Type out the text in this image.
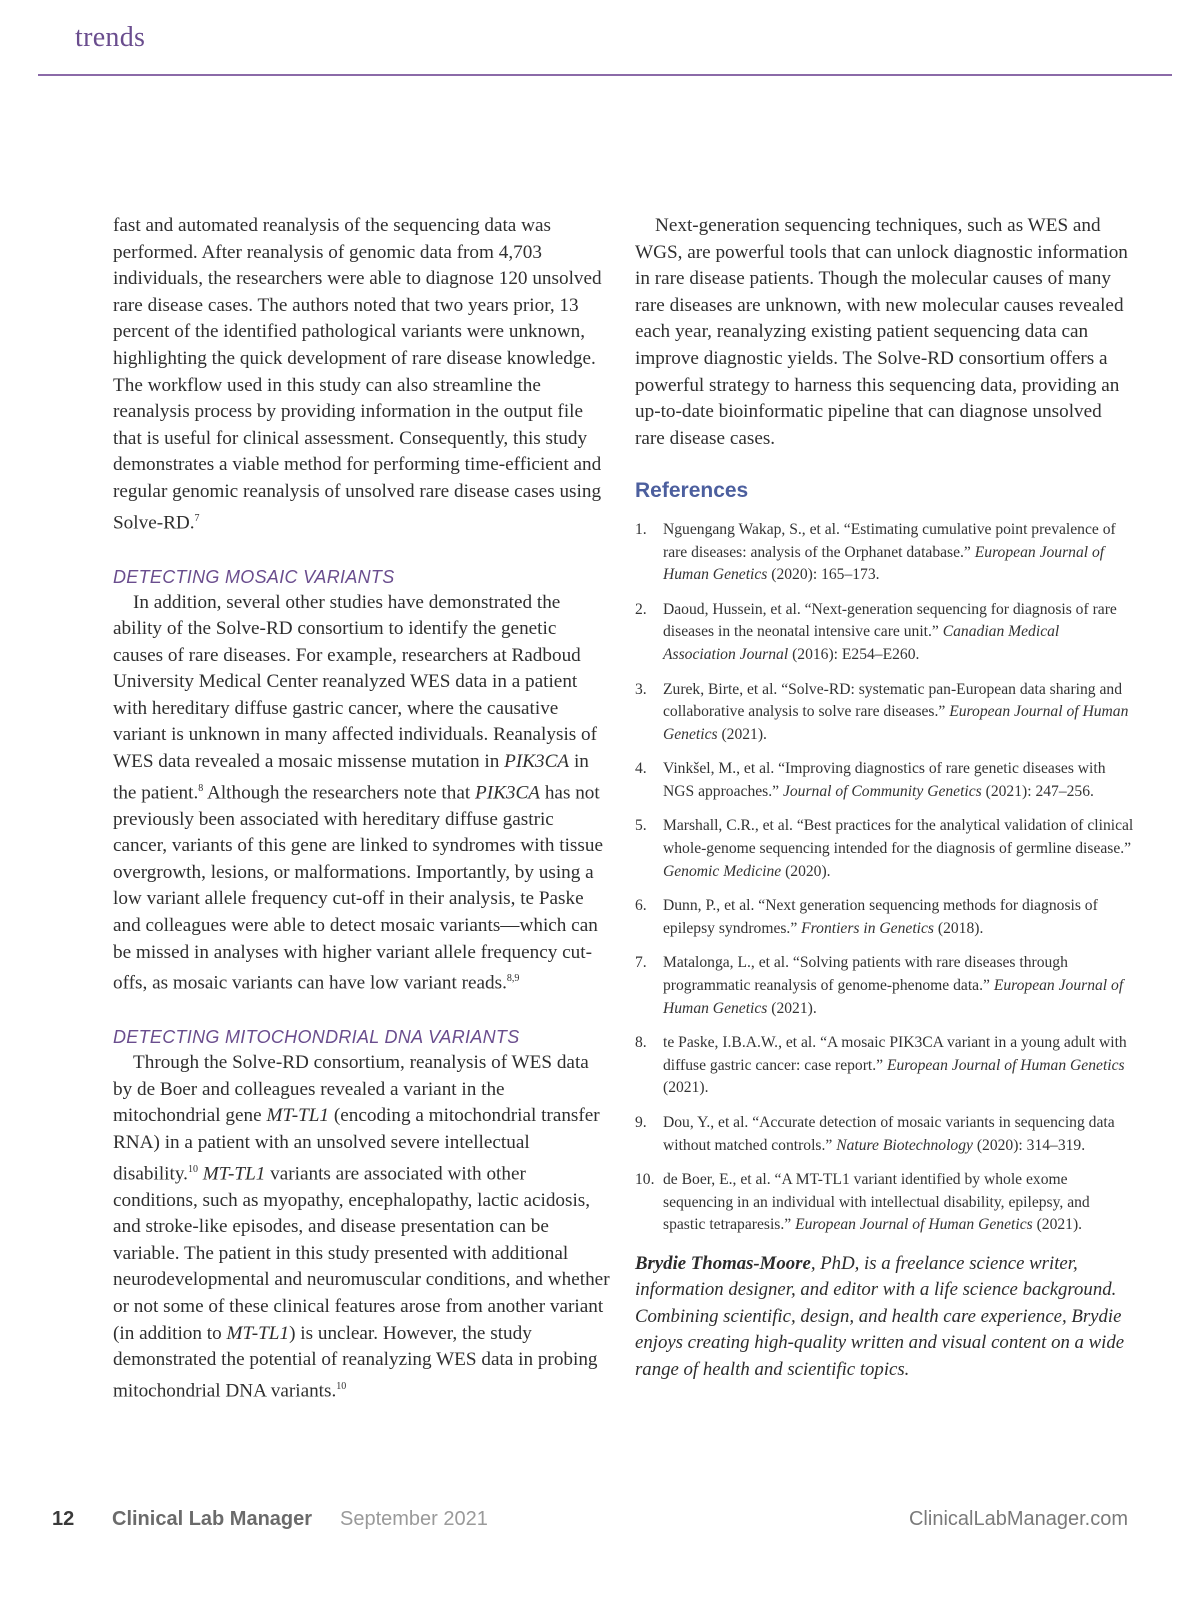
trends

fast and automated reanalysis of the sequencing data was performed. After reanalysis of genomic data from 4,703 individuals, the researchers were able to diagnose 120 unsolved rare disease cases. The authors noted that two years prior, 13 percent of the identified pathological variants were unknown, highlighting the quick development of rare disease knowledge. The workflow used in this study can also streamline the reanalysis process by providing information in the output file that is useful for clinical assessment. Consequently, this study demonstrates a viable method for performing time-efficient and regular genomic reanalysis of unsolved rare disease cases using Solve-RD.$^7$

DETECTING MOSAIC VARIANTS

In addition, several other studies have demonstrated the ability of the Solve-RD consortium to identify the genetic causes of rare diseases. For example, researchers at Radboud University Medical Center reanalyzed WES data in a patient with hereditary diffuse gastric cancer, where the causative variant is unknown in many affected individuals. Reanalysis of WES data revealed a mosaic missense mutation in PIK3CA in the patient.$^8$ Although the researchers note that PIK3CA has not previously been associated with hereditary diffuse gastric cancer, variants of this gene are linked to syndromes with tissue overgrowth, lesions, or malformations. Importantly, by using a low variant allele frequency cut-off in their analysis, te Paske and colleagues were able to detect mosaic variants—which can be missed in analyses with higher variant allele frequency cut-offs, as mosaic variants can have low variant reads.$^{8,9}$

DETECTING MITOCHONDRIAL DNA VARIANTS

Through the Solve-RD consortium, reanalysis of WES data by de Boer and colleagues revealed a variant in the mitochondrial gene MT-TL1 (encoding a mitochondrial transfer RNA) in a patient with an unsolved severe intellectual disability.$^{10}$ MT-TL1 variants are associated with other conditions, such as myopathy, encephalopathy, lactic acidosis, and stroke-like episodes, and disease presentation can be variable. The patient in this study presented with additional neurodevelopmental and neuromuscular conditions, and whether or not some of these clinical features arose from another variant (in addition to MT-TL1) is unclear. However, the study demonstrated the potential of reanalyzing WES data in probing mitochondrial DNA variants.$^{10}$

Next-generation sequencing techniques, such as WES and WGS, are powerful tools that can unlock diagnostic information in rare disease patients. Though the molecular causes of many rare diseases are unknown, with new molecular causes revealed each year, reanalyzing existing patient sequencing data can improve diagnostic yields. The Solve-RD consortium offers a powerful strategy to harness this sequencing data, providing an up-to-date bioinformatic pipeline that can diagnose unsolved rare disease cases.

References
1. Nguengang Wakap, S., et al. “Estimating cumulative point prevalence of rare diseases: analysis of the Orphanet database.” European Journal of Human Genetics (2020): 165–173.
2. Daoud, Hussein, et al. “Next-generation sequencing for diagnosis of rare diseases in the neonatal intensive care unit.” Canadian Medical Association Journal (2016): E254–E260.
3. Zurek, Birte, et al. “Solve-RD: systematic pan-European data sharing and collaborative analysis to solve rare diseases.” European Journal of Human Genetics (2021).
4. Vinkšel, M., et al. “Improving diagnostics of rare genetic diseases with NGS approaches.” Journal of Community Genetics (2021): 247–256.
5. Marshall, C.R., et al. “Best practices for the analytical validation of clinical whole-genome sequencing intended for the diagnosis of germline disease.” Genomic Medicine (2020).
6. Dunn, P., et al. “Next generation sequencing methods for diagnosis of epilepsy syndromes.” Frontiers in Genetics (2018).
7. Matalonga, L., et al. “Solving patients with rare diseases through programmatic reanalysis of genome-phenome data.” European Journal of Human Genetics (2021).
8. te Paske, I.B.A.W., et al. “A mosaic PIK3CA variant in a young adult with diffuse gastric cancer: case report.” European Journal of Human Genetics (2021).
9. Dou, Y., et al. “Accurate detection of mosaic variants in sequencing data without matched controls.” Nature Biotechnology (2020): 314–319.
10. de Boer, E., et al. “A MT-TL1 variant identified by whole exome sequencing in an individual with intellectual disability, epilepsy, and spastic tetraparesis.” European Journal of Human Genetics (2021).

Brydie Thomas-Moore, PhD, is a freelance science writer, information designer, and editor with a life science background. Combining scientific, design, and health care experience, Brydie enjoys creating high-quality written and visual content on a wide range of health and scientific topics.

12 Clinical Lab Manager September 2021	ClinicalLabManager.com
